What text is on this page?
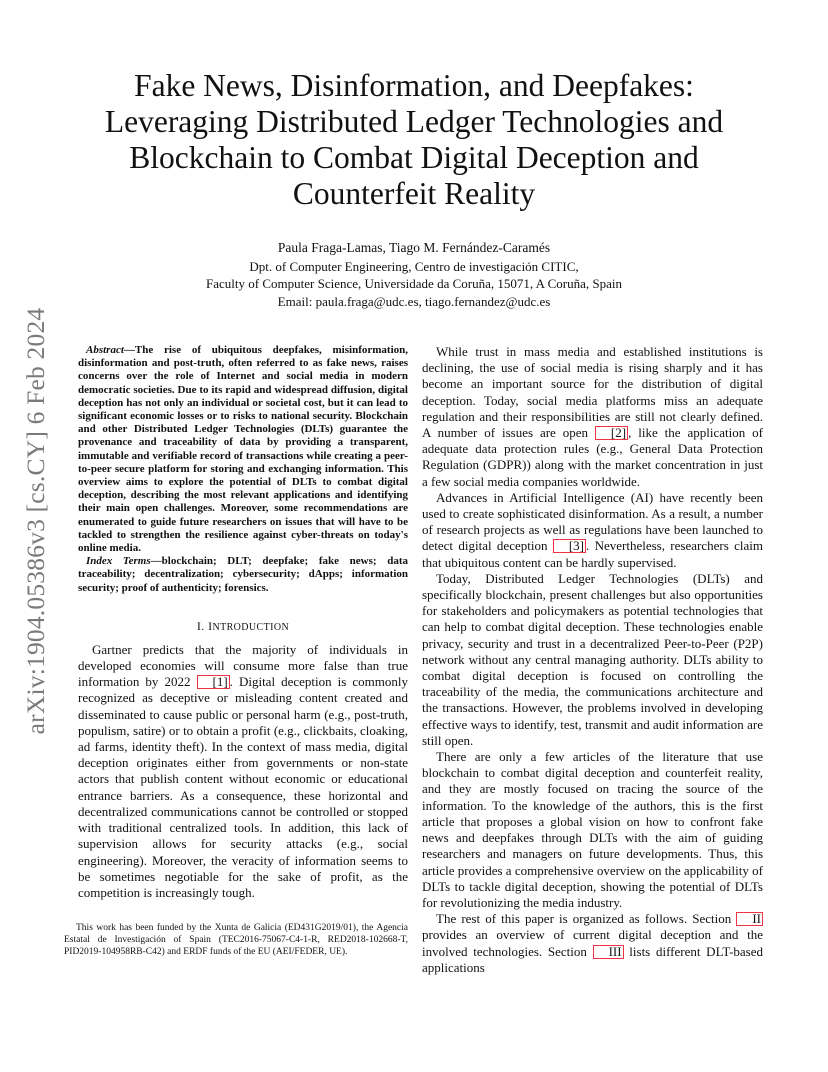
arXiv:1904.05386v3 [cs.CY] 6 Feb 2024
Fake News, Disinformation, and Deepfakes: Leveraging Distributed Ledger Technologies and Blockchain to Combat Digital Deception and Counterfeit Reality
Paula Fraga-Lamas, Tiago M. Fernández-Caramés
Dpt. of Computer Engineering, Centro de investigación CITIC,
Faculty of Computer Science, Universidade da Coruña, 15071, A Coruña, Spain
Email: paula.fraga@udc.es, tiago.fernandez@udc.es

Abstract—The rise of ubiquitous deepfakes, misinformation, disinformation and post-truth, often referred to as fake news, raises concerns over the role of Internet and social media in modern democratic societies. Due to its rapid and widespread diffusion, digital deception has not only an individual or societal cost, but it can lead to significant economic losses or to risks to national security. Blockchain and other Distributed Ledger Technologies (DLTs) guarantee the provenance and traceability of data by providing a transparent, immutable and verifiable record of transactions while creating a peer-to-peer secure platform for storing and exchanging information. This overview aims to explore the potential of DLTs to combat digital deception, describing the most relevant applications and identifying their main open challenges. Moreover, some recommendations are enumerated to guide future researchers on issues that will have to be tackled to strengthen the resilience against cyber-threats on today's online media.

Index Terms—blockchain; DLT; deepfake; fake news; data traceability; decentralization; cybersecurity; dApps; information security; proof of authenticity; forensics.

I. INTRODUCTION

Gartner predicts that the majority of individuals in developed economies will consume more false than true information by 2022 [1] . Digital deception is commonly recognized as deceptive or misleading content created and disseminated to cause public or personal harm (e.g., post-truth, populism, satire) or to obtain a profit (e.g., clickbaits, cloaking, ad farms, identity theft). In the context of mass media, digital deception originates either from governments or non-state actors that publish content without economic or educational entrance barriers. As a consequence, these horizontal and decentralized communications cannot be controlled or stopped with traditional centralized tools. In addition, this lack of supervision allows for security attacks (e.g., social engineering). Moreover, the veracity of information seems to be sometimes negotiable for the sake of profit, as the competition is increasingly tough.

This work has been funded by the Xunta de Galicia (ED431G2019/01), the Agencia Estatal de Investigación of Spain (TEC2016-75067-C4-1-R, RED2018-102668-T, PID2019-104958RB-C42) and ERDF funds of the EU (AEI/FEDER, UE).

While trust in mass media and established institutions is declining, the use of social media is rising sharply and it has become an important source for the distribution of digital deception. Today, social media platforms miss an adequate regulation and their responsibilities are still not clearly defined. A number of issues are open [2] , like the application of adequate data protection rules (e.g., General Data Protection Regulation (GDPR)) along with the market concentration in just a few social media companies worldwide.

Advances in Artificial Intelligence (AI) have recently been used to create sophisticated disinformation. As a result, a number of research projects as well as regulations have been launched to detect digital deception [3] . Nevertheless, researchers claim that ubiquitous content can be hardly supervised.

Today, Distributed Ledger Technologies (DLTs) and specifically blockchain, present challenges but also opportunities for stakeholders and policymakers as potential technologies that can help to combat digital deception. These technologies enable privacy, security and trust in a decentralized Peer-to-Peer (P2P) network without any central managing authority. DLTs ability to combat digital deception is focused on controlling the traceability of the media, the communications architecture and the transactions. However, the problems involved in developing effective ways to identify, test, transmit and audit information are still open.

There are only a few articles of the literature that use blockchain to combat digital deception and counterfeit reality, and they are mostly focused on tracing the source of the information. To the knowledge of the authors, this is the first article that proposes a global vision on how to confront fake news and deepfakes through DLTs with the aim of guiding researchers and managers on future developments. Thus, this article provides a comprehensive overview on the applicability of DLTs to tackle digital deception, showing the potential of DLTs for revolutionizing the media industry.

The rest of this paper is organized as follows. Section II provides an overview of current digital deception and the involved technologies. Section III lists different DLT-based applications
